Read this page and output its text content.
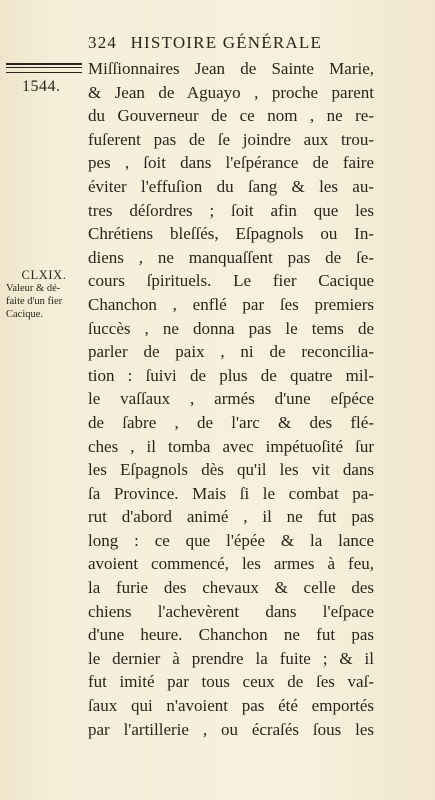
324 HISTOIRE GÉNÉRALE
1544.
CLXIX.
Valeur & dé-
faite d'un fier
Cacique.
Miſſionnaires Jean de Sainte Marie,
& Jean de Aguayo , proche parent
du Gouverneur de ce nom , ne re-
fuſerent pas de ſe joindre aux trou-
pes , ſoit dans l'eſpérance de faire
éviter l'effuſion du ſang & les au-
tres déſordres ; ſoit afin que les
Chrétiens bleſſés, Eſpagnols ou In-
diens , ne manquaſſent pas de ſe-
cours ſpirituels. Le fier Cacique
Chanchon , enflé par ſes premiers
ſuccès , ne donna pas le tems de
parler de paix , ni de reconcilia-
tion : ſuivi de plus de quatre mil-
le vaſſaux , armés d'une eſpéce
de ſabre , de l'arc & des flé-
ches , il tomba avec impétuoſité ſur
les Eſpagnols dès qu'il les vit dans
ſa Province. Mais ſi le combat pa-
rut d'abord animé , il ne fut pas
long : ce que l'épée & la lance
avoient commencé, les armes à feu,
la furie des chevaux & celle des
chiens l'achevèrent dans l'eſpace
d'une heure. Chanchon ne fut pas
le dernier à prendre la fuite ; & il
fut imité par tous ceux de ſes vaſ-
ſaux qui n'avoient pas été emportés
par l'artillerie , ou écraſés ſous les
